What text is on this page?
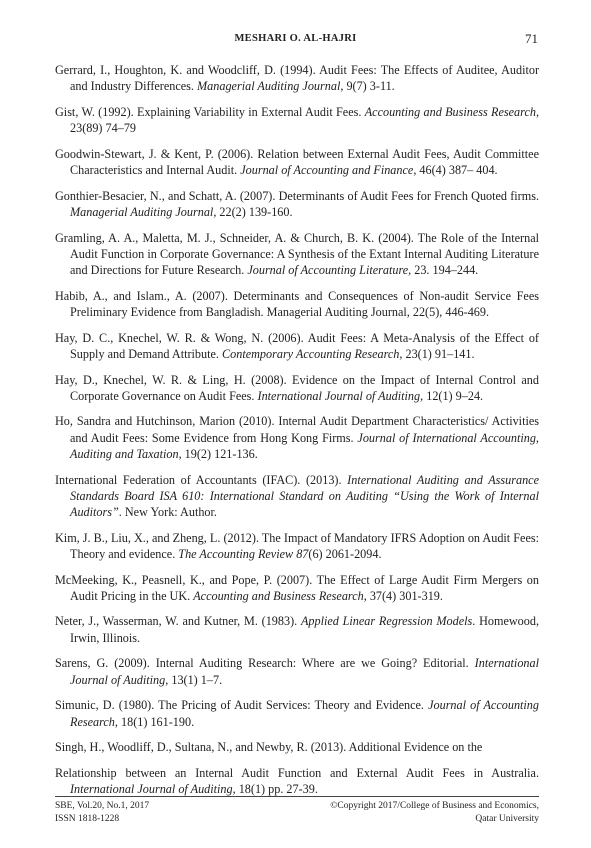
MESHARI O. AL-HAJRI	71

Gerrard, I., Houghton, K. and Woodcliff, D. (1994). Audit Fees: The Effects of Auditee, Auditor and Industry Differences. Managerial Auditing Journal, 9(7) 3-11.

Gist, W. (1992). Explaining Variability in External Audit Fees. Accounting and Business Research, 23(89) 74–79

Goodwin-Stewart, J. & Kent, P. (2006). Relation between External Audit Fees, Audit Committee Characteristics and Internal Audit. Journal of Accounting and Finance, 46(4) 387– 404.

Gonthier-Besacier, N., and Schatt, A. (2007). Determinants of Audit Fees for French Quoted firms. Managerial Auditing Journal, 22(2) 139-160.

Gramling, A. A., Maletta, M. J., Schneider, A. & Church, B. K. (2004). The Role of the Internal Audit Function in Corporate Governance: A Synthesis of the Extant Internal Auditing Literature and Directions for Future Research. Journal of Accounting Literature, 23. 194–244.

Habib, A., and Islam., A. (2007). Determinants and Consequences of Non-audit Service Fees Preliminary Evidence from Bangladish. Managerial Auditing Journal, 22(5), 446-469.

Hay, D. C., Knechel, W. R. & Wong, N. (2006). Audit Fees: A Meta-Analysis of the Effect of Supply and Demand Attribute. Contemporary Accounting Research, 23(1) 91–141.

Hay, D., Knechel, W. R. & Ling, H. (2008). Evidence on the Impact of Internal Control and Corporate Governance on Audit Fees. International Journal of Auditing, 12(1) 9–24.

Ho, Sandra and Hutchinson, Marion (2010). Internal Audit Department Characteristics/ Activities and Audit Fees: Some Evidence from Hong Kong Firms. Journal of International Accounting, Auditing and Taxation, 19(2) 121-136.

International Federation of Accountants (IFAC). (2013). International Auditing and Assurance Standards Board ISA 610: International Standard on Auditing “Using the Work of Internal Auditors”. New York: Author.

Kim, J. B., Liu, X., and Zheng, L. (2012). The Impact of Mandatory IFRS Adoption on Audit Fees: Theory and evidence. The Accounting Review 87(6) 2061-2094.

McMeeking, K., Peasnell, K., and Pope, P. (2007). The Effect of Large Audit Firm Mergers on Audit Pricing in the UK. Accounting and Business Research, 37(4) 301-319.

Neter, J., Wasserman, W. and Kutner, M. (1983). Applied Linear Regression Models. Homewood, Irwin, Illinois.

Sarens, G. (2009). Internal Auditing Research: Where are we Going? Editorial. International Journal of Auditing, 13(1) 1–7.

Simunic, D. (1980). The Pricing of Audit Services: Theory and Evidence. Journal of Accounting Research, 18(1) 161-190.

Singh, H., Woodliff, D., Sultana, N., and Newby, R. (2013). Additional Evidence on the

Relationship between an Internal Audit Function and External Audit Fees in Australia. International Journal of Auditing, 18(1) pp. 27-39.

SBE, Vol.20, No.1, 2017
ISSN 1818-1228
©Copyright 2017/College of Business and Economics,
Qatar University
